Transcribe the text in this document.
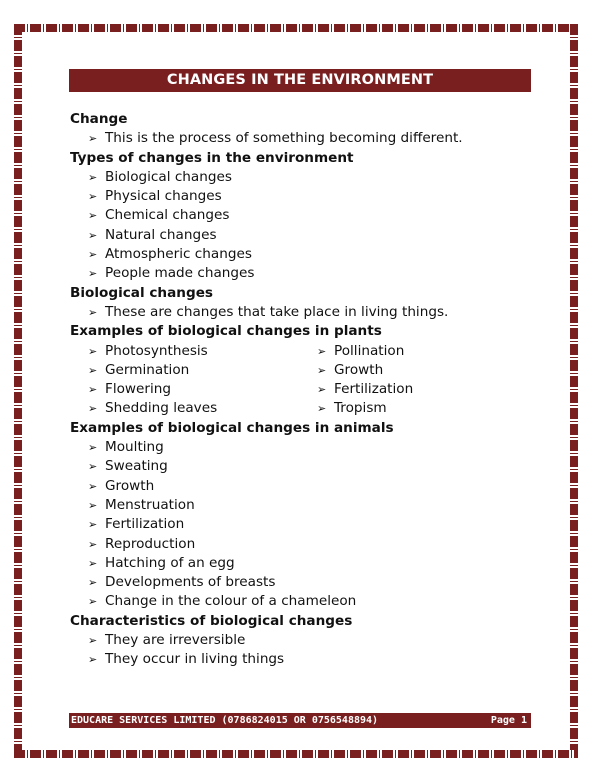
CHANGES IN THE ENVIRONMENT
Change
➢ This is the process of something becoming different.
Types of changes in the environment
➢ Biological changes
➢ Physical changes
➢ Chemical changes
➢ Natural changes
➢ Atmospheric changes
➢ People made changes
Biological changes
➢ These are changes that take place in living things.
Examples of biological changes in plants
➢ Photosynthesis
➢ Germination
➢ Flowering
➢ Shedding leaves
➢ Pollination
➢ Growth
➢ Fertilization
➢ Tropism
Examples of biological changes in animals
➢ Moulting
➢ Sweating
➢ Growth
➢ Menstruation
➢ Fertilization
➢ Reproduction
➢ Hatching of an egg
➢ Developments of breasts
➢ Change in the colour of a chameleon
Characteristics of biological changes
➢ They are irreversible
➢ They occur in living things
EDUCARE SERVICES LIMITED (0786824015 OR 0756548894)	Page 1
